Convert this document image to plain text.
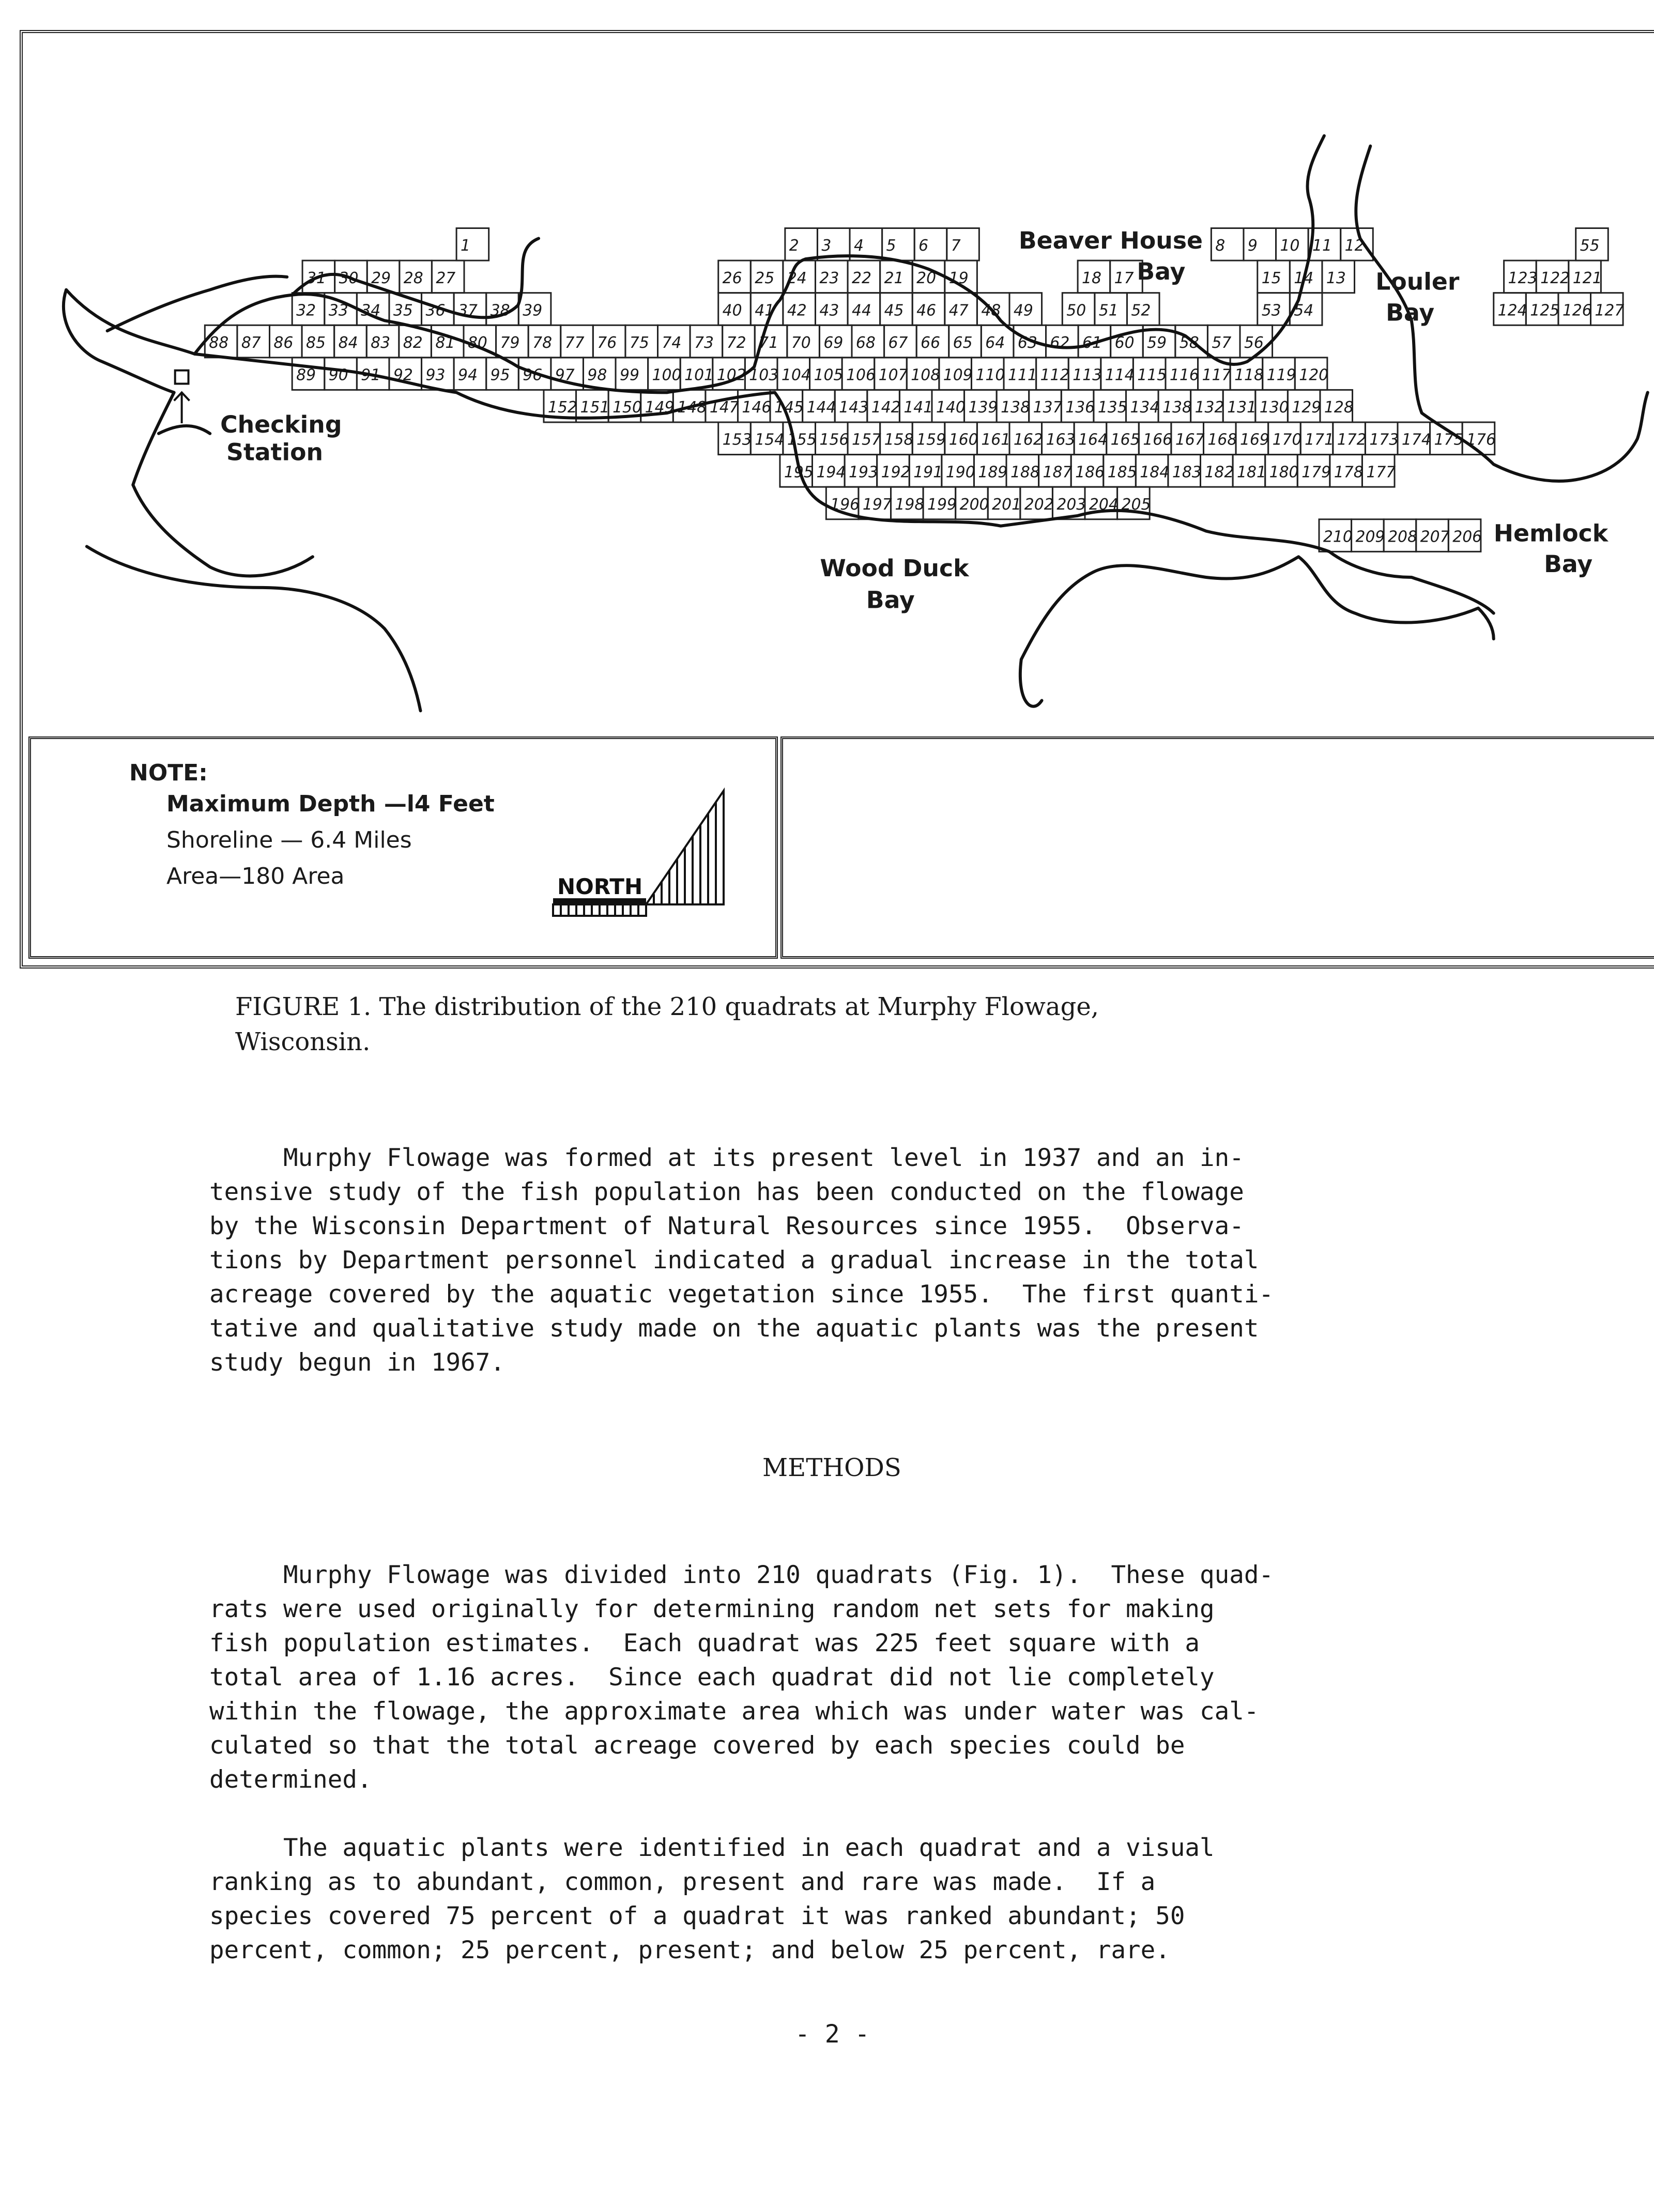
1	2 3 4 5 6 7	8 9 10 11 12	55
31 30 29 28 27	26 25 24 23 22 21 20 19	18 17	15 14 13	123 122 121
32 33 34 35 36 37 38 39	40 41 42 43 44 45 46 47 48 49 50 51 52	53 54	124 125 126 127
88 87 86 85 84 83 82 81 80 79 78 77 76 75 74 73 72 71 70 69 68 67 66 65 64 63 62 61 60 59 58 57 56
89 90 91 92 93 94 95 96 97 98 99 100 101 102 103 104 105 106 107 108 109 110 111 112 113 114 115 116 117 118 119 120
152 151 150 149 148 147 146 145 144 143 142 141 140 139 138 137 136 135 134 138 132 131 130 129 128
153 154 155 156 157 158 159 160 161 162 163 164 165 166 167 168 169 170 171 172 173 174 175 176
195 194 193 192 191 190 189 188 187 186 185 184 183 182 181 180 179 178 177
196 197 198 199 200 201 202 203 204 205
210 209 208 207 206
Checking
Station
Beaver House
Bay	Louler
Bay
Wood Duck
Bay
Hemlock
Bay
NOTE:
Maximum Depth —l4 Feet
Shoreline — 6.4 Miles
Area—180 Area	NORTH
FIGURE 1. The distribution of the 210 quadrats at Murphy Flowage,
Wisconsin.
Murphy Flowage was formed at its present level in 1937 and an in-
tensive study of the fish population has been conducted on the flowage
by the Wisconsin Department of Natural Resources since 1955.  Observa-
tions by Department personnel indicated a gradual increase in the total
acreage covered by the aquatic vegetation since 1955.  The first quanti-
tative and qualitative study made on the aquatic plants was the present
study begun in 1967.
METHODS
Murphy Flowage was divided into 210 quadrats (Fig. 1).  These quad-
rats were used originally for determining random net sets for making
fish population estimates.  Each quadrat was 225 feet square with a
total area of 1.16 acres.  Since each quadrat did not lie completely
within the flowage, the approximate area which was under water was cal-
culated so that the total acreage covered by each species could be
determined.
The aquatic plants were identified in each quadrat and a visual
ranking as to abundant, common, present and rare was made.  If a
species covered 75 percent of a quadrat it was ranked abundant; 50
percent, common; 25 percent, present; and below 25 percent, rare.
- 2 -
